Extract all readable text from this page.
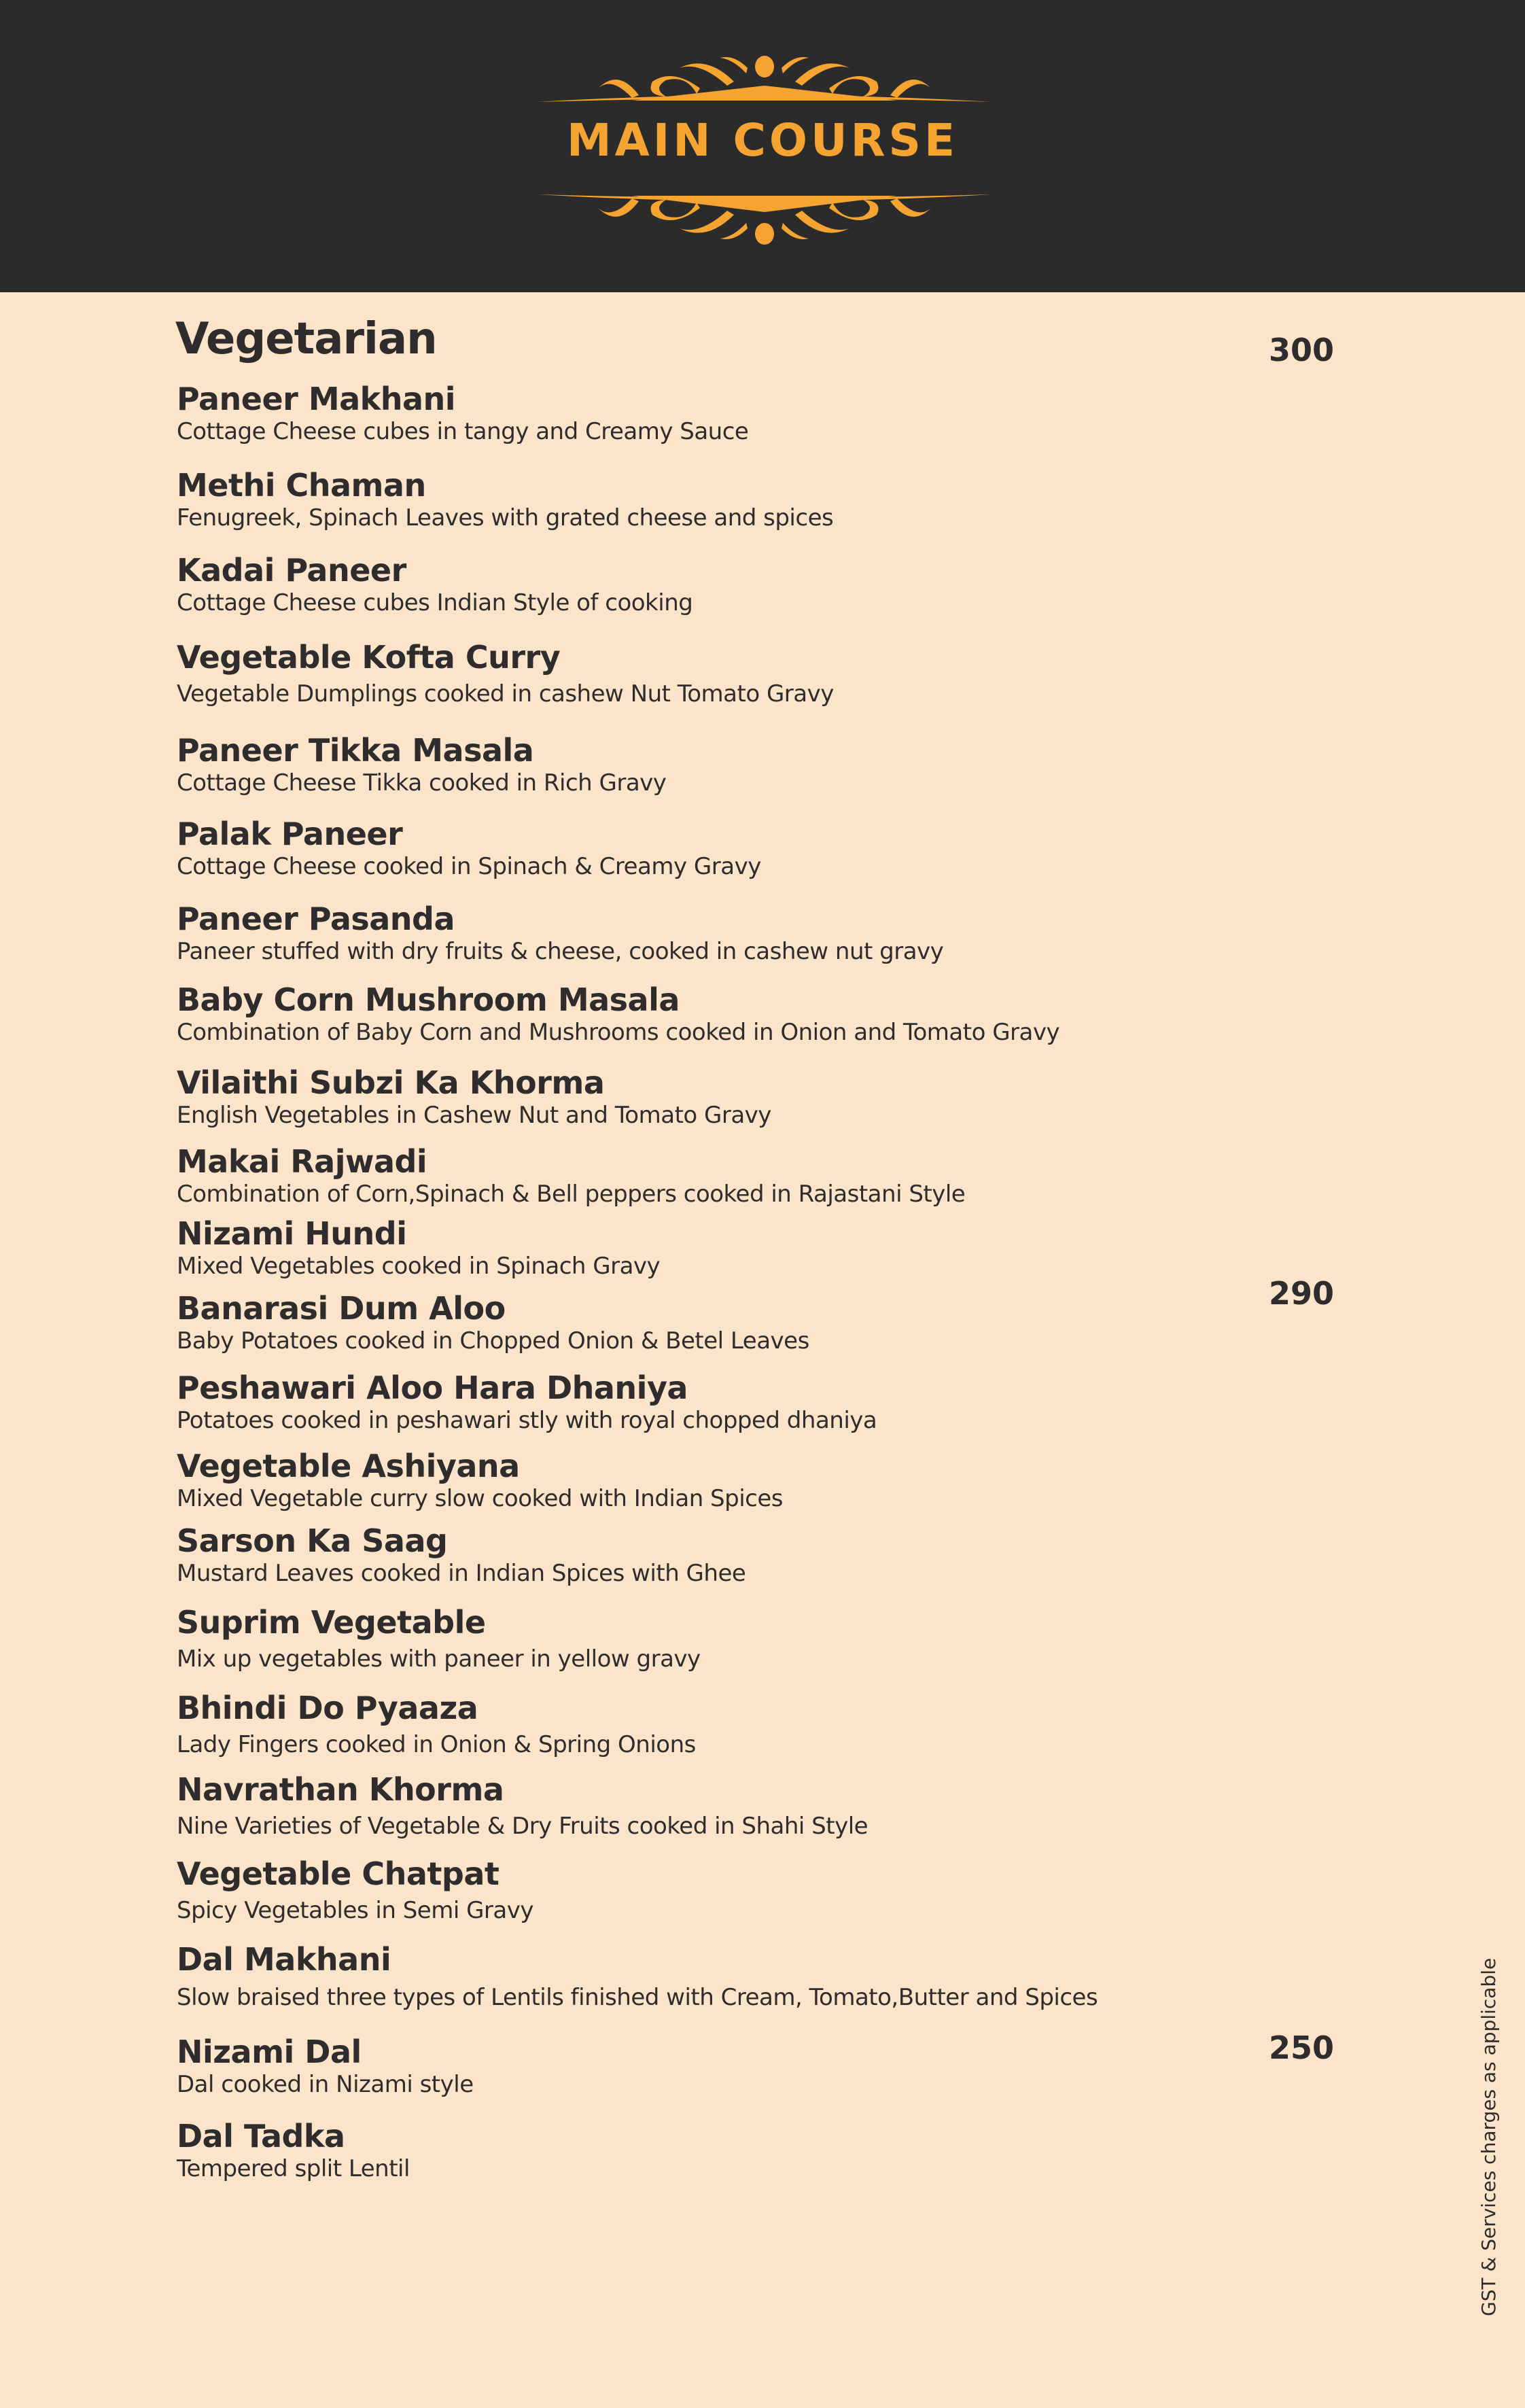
MAIN COURSE
Vegetarian	300
290
250
Paneer Makhani
Cottage Cheese cubes in tangy and Creamy Sauce
Methi Chaman
Fenugreek, Spinach Leaves with grated cheese and spices
Kadai Paneer
Cottage Cheese cubes Indian Style of cooking
Vegetable Kofta Curry
Vegetable Dumplings cooked in cashew Nut Tomato Gravy
Paneer Tikka Masala
Cottage Cheese Tikka cooked in Rich Gravy
Palak Paneer
Cottage Cheese cooked in Spinach & Creamy Gravy
Paneer Pasanda
Paneer stuffed with dry fruits & cheese, cooked in cashew nut gravy
Baby Corn Mushroom Masala
Combination of Baby Corn and Mushrooms cooked in Onion and Tomato Gravy
Vilaithi Subzi Ka Khorma
English Vegetables in Cashew Nut and Tomato Gravy
Makai Rajwadi
Combination of Corn,Spinach & Bell peppers cooked in Rajastani Style
Nizami Hundi
Mixed Vegetables cooked in Spinach Gravy
Banarasi Dum Aloo
Baby Potatoes cooked in Chopped Onion & Betel Leaves
Peshawari Aloo Hara Dhaniya
Potatoes cooked in peshawari stly with royal chopped dhaniya
Vegetable Ashiyana
Mixed Vegetable curry slow cooked with Indian Spices
Sarson Ka Saag
Mustard Leaves cooked in Indian Spices with Ghee
Suprim Vegetable
Mix up vegetables with paneer in yellow gravy
Bhindi Do Pyaaza
Lady Fingers cooked in Onion & Spring Onions
Navrathan Khorma
Nine Varieties of Vegetable & Dry Fruits cooked in Shahi Style
Vegetable Chatpat
Spicy Vegetables in Semi Gravy
Dal Makhani
Slow braised three types of Lentils finished with Cream, Tomato,Butter and Spices
Nizami Dal
Dal cooked in Nizami style
Dal Tadka
Tempered split Lentil	GST & Services charges as applicable
